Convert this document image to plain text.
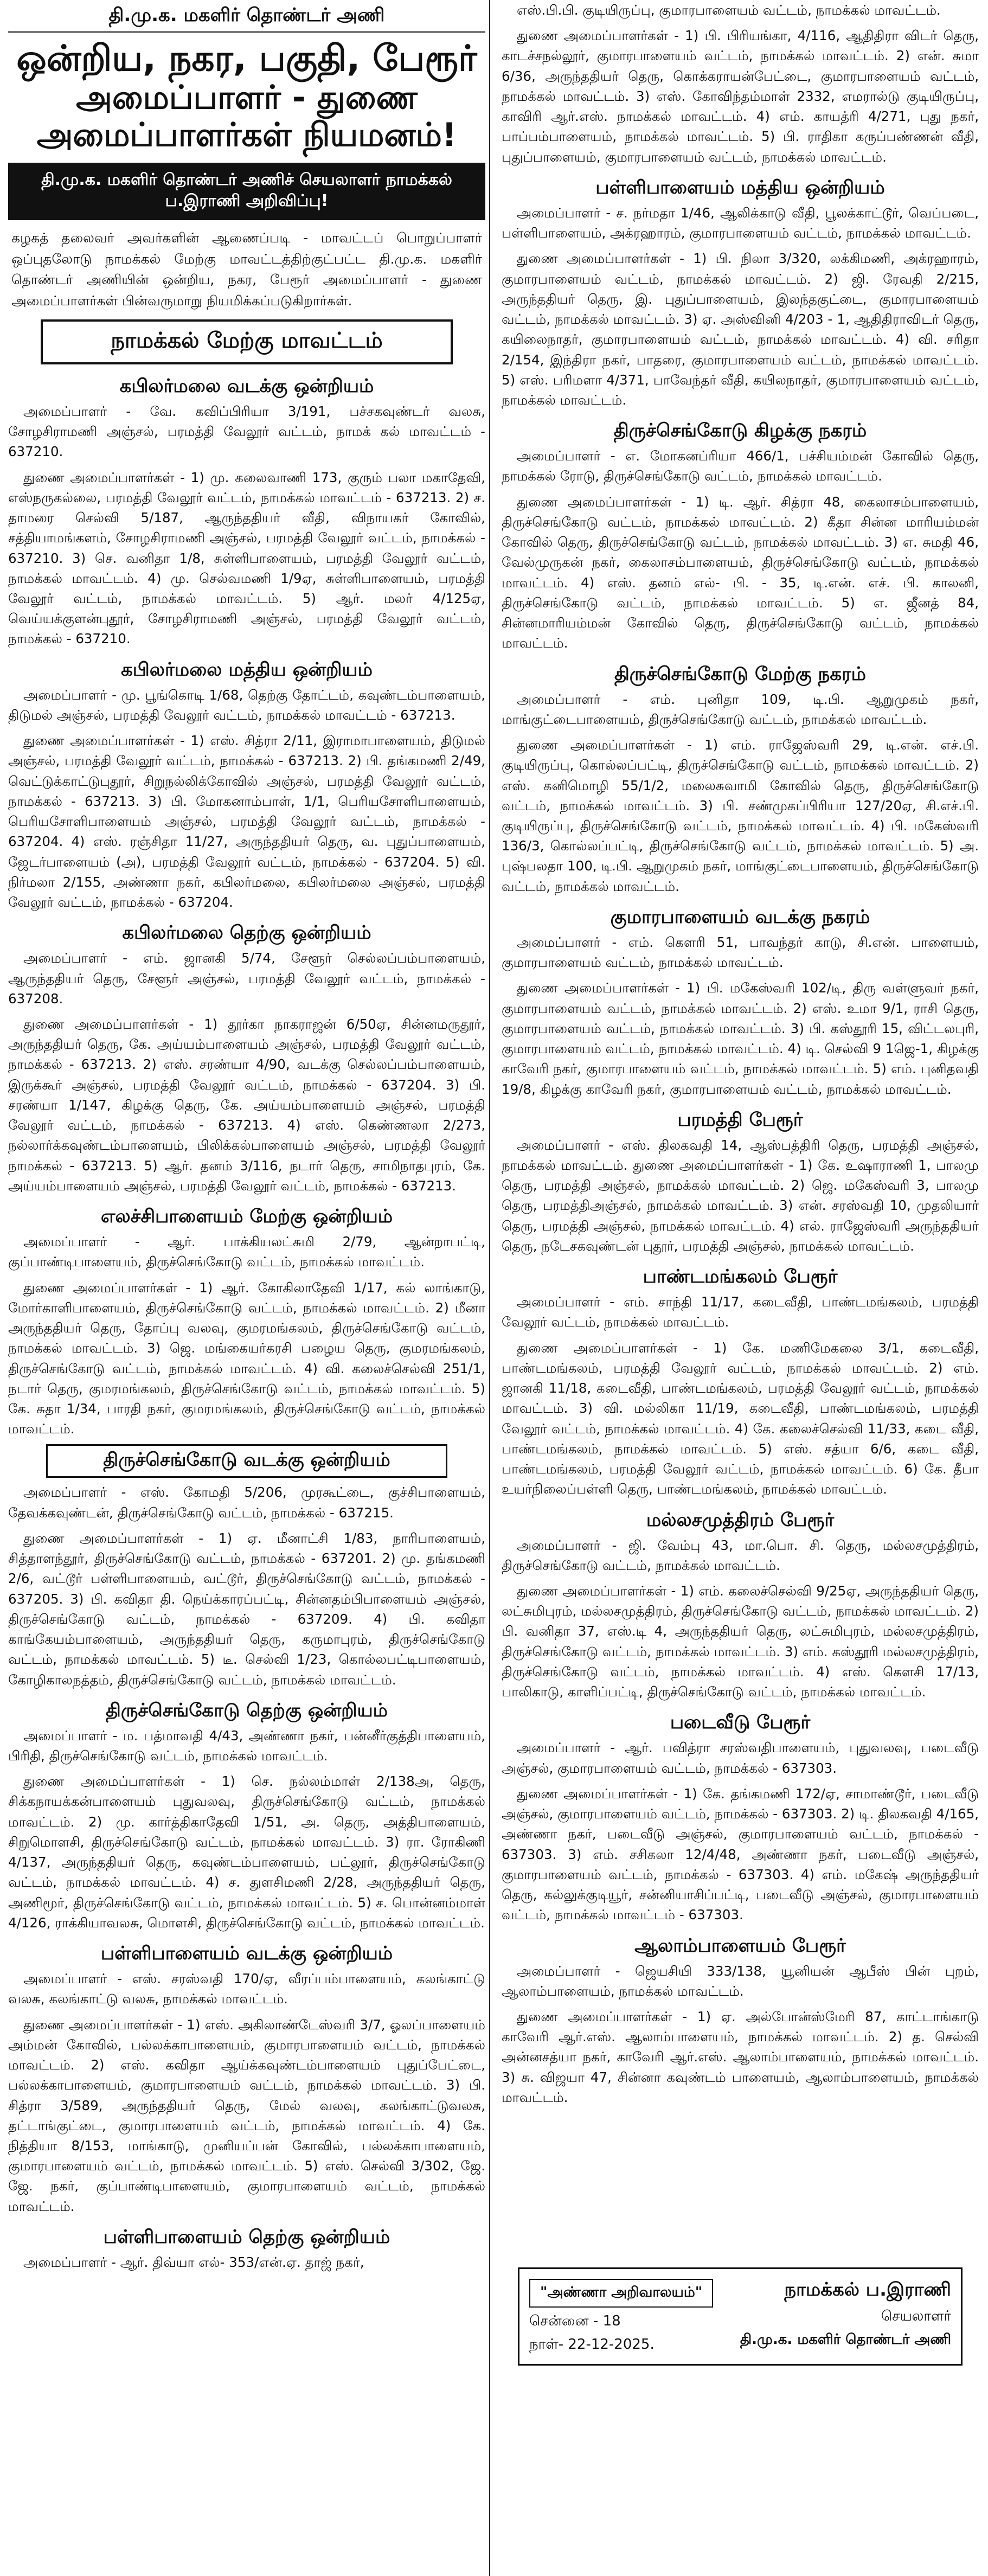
தி.மு.க. மகளிர் தொண்டர் அணி
ஒன்றிய, நகர, பகுதி, பேரூர்
அமைப்பாளர் - துணை அமைப்பாளர்கள் நியமனம்!
தி.மு.க. மகளிர் தொண்டர் அணிச் செயலாளர் நாமக்கல் ப.இராணி அறிவிப்பு!
கழகத் தலைவர் அவர்களின் ஆணைப்படி - மாவட்டப் பொறுப்பாளர் ஒப்புதலோடு நாமக்கல் மேற்கு மாவட்டத்திற்குட்பட்ட தி.மு.க. மகளிர் தொண்டர் அணியின் ஒன்றிய, நகர, பேரூர் அமைப்பாளர் - துணை அமைப்பாளர்கள் பின்வருமாறு நியமிக்கப்படுகிறார்கள்.
நாமக்கல் மேற்கு மாவட்டம்
கபிலர்மலை வடக்கு ஒன்றியம்

அமைப்பாளர் - வே. கவிப்பிரியா 3/191, பச்சகவுண்டர் வலசு, சோழசிராமணி அஞ்சல், பரமத்தி வேலூர் வட்டம், நாமக் கல் மாவட்டம் - 637210.

துணை அமைப்பாளர்கள் - 1) மு. கலைவாணி 173, குரும் பலா மகாதேவி, எஸ்நருகல்லை, பரமத்தி வேலூர் வட்டம், நாமக்கல் மாவட்டம் - 637213. 2) ச. தாமரை செல்வி 5/187, ஆருந்ததியர் வீதி, விநாயகர் கோவில், சத்தியாமங்களம், சோழசிராமணி அஞ்சல், பரமத்தி வேலூர் வட்டம், நாமக்கல் - 637210. 3) செ. வனிதா 1/8, சுள்ளிபாளையம், பரமத்தி வேலூர் வட்டம், நாமக்கல் மாவட்டம். 4) மு. செல்வமணி 1/9ஏ, சுள்ளிபாளையம், பரமத்தி வேலூர் வட்டம், நாமக்கல் மாவட்டம். 5) ஆர். மலர் 4/125ஏ, வெய்யக்குளன்புதூர், சோழசிராமணி அஞ்சல், பரமத்தி வேலூர் வட்டம், நாமக்கல் - 637210.

கபிலர்மலை மத்திய ஒன்றியம்

அமைப்பாளர் - மு. பூங்கொடி 1/68, தெற்கு தோட்டம், கவுண்டம்பாளையம், திடுமல் அஞ்சல், பரமத்தி வேலூர் வட்டம், நாமக்கல் மாவட்டம் - 637213.

துணை அமைப்பாளர்கள் - 1) எஸ். சித்ரா 2/11, இராமாபாளையம், திடுமல் அஞ்சல், பரமத்தி வேலூர் வட்டம், நாமக்கல் - 637213. 2) பி. தங்கமணி 2/49, வெட்டுக்காட்டுபுதூர், சிறுநல்லிக்கோவில் அஞ்சல், பரமத்தி வேலூர் வட்டம், நாமக்கல் - 637213. 3) பி. மோகனாம்பாள், 1/1, பெரியசோளிபாளையம், பெரியசோளிபாளையம் அஞ்சல், பரமத்தி வேலூர் வட்டம், நாமக்கல் - 637204. 4) எஸ். ரஞ்சிதா 11/27, அருந்ததியர் தெரு, வ. புதுப்பாளையம், ஜேடர்பாளையம் (அ), பரமத்தி வேலூர் வட்டம், நாமக்கல் - 637204. 5) வி. நிர்மலா 2/155, அண்ணா நகர், கபிலர்மலை, கபிலர்மலை அஞ்சல், பரமத்தி வேலூர் வட்டம், நாமக்கல் - 637204.

கபிலர்மலை தெற்கு ஒன்றியம்

அமைப்பாளர் - எம். ஜானகி 5/74, சேளூர் செல்லப்பம்பாளையம், ஆருந்ததியர் தெரு, சேளூர் அஞ்சல், பரமத்தி வேலூர் வட்டம், நாமக்கல் - 637208.

துணை அமைப்பாளர்கள் - 1) தூர்கா நாகராஜன் 6/50ஏ, சின்னமருதூர், அருந்ததியர் தெரு, கே. அய்யம்பாளையம் அஞ்சல், பரமத்தி வேலூர் வட்டம், நாமக்கல் - 637213. 2) எஸ். சரண்யா 4/90, வடக்கு செல்லப்பம்பாளையம், இருக்கூர் அஞ்சல், பரமத்தி வேலூர் வட்டம், நாமக்கல் - 637204. 3) பி. சரண்யா 1/147, கிழக்கு தெரு, கே. அய்யம்பாளையம் அஞ்சல், பரமத்தி வேலூர் வட்டம், நாமக்கல் - 637213. 4) எஸ். கெண்ணலா 2/273, நல்லார்க்கவுண்டம்பாளையம், பிலிக்கல்பாளையம் அஞ்சல், பரமத்தி வேலூர் நாமக்கல் - 637213. 5) ஆர். தனம் 3/116, நடார் தெரு, சாமிநாதபுரம், கே. அய்யம்பாளையம் அஞ்சல், பரமத்தி வேலூர் வட்டம், நாமக்கல் - 637213.

எலச்சிபாளையம் மேற்கு ஒன்றியம்

அமைப்பாளர் - ஆர். பாக்கியலட்சுமி 2/79, ஆன்றாபட்டி, குப்பாண்டிபாளையம், திருச்செங்கோடு வட்டம், நாமக்கல் மாவட்டம்.

துணை அமைப்பாளர்கள் - 1) ஆர். கோகிலாதேவி 1/17, கல் லாங்காடு, மோர்காளிபாளையம், திருச்செங்கோடு வட்டம், நாமக்கல் மாவட்டம். 2) மீனா அருந்ததியர் தெரு, தோப்பு வலவு, குமரமங்கலம், திருச்செங்கோடு வட்டம், நாமக்கல் மாவட்டம். 3) ஜெ. மங்கையர்கரசி பழைய தெரு, குமரமங்கலம், திருச்செங்கோடு வட்டம், நாமக்கல் மாவட்டம். 4) வி. கலைச்செல்வி 251/1, நடார் தெரு, குமரமங்கலம், திருச்செங்கோடு வட்டம், நாமக்கல் மாவட்டம். 5) கே. சுதா 1/34, பாரதி நகர், குமரமங்கலம், திருச்செங்கோடு வட்டம், நாமக்கல் மாவட்டம்.

திருச்செங்கோடு வடக்கு ஒன்றியம்

அமைப்பாளர் - எஸ். கோமதி 5/206, முரகூட்டை, குச்சிபாளையம், தேவக்கவுண்டன், திருச்செங்கோடு வட்டம், நாமக்கல் - 637215.

துணை அமைப்பாளர்கள் - 1) ஏ. மீனாட்சி 1/83, நாரிபாளையம், சித்தாளந்தூர், திருச்செங்கோடு வட்டம், நாமக்கல் - 637201. 2) மு. தங்கமணி 2/6, வட்டூர் பள்ளிபாளையம், வட்டூர், திருச்செங்கோடு வட்டம், நாமக்கல் - 637205. 3) பி. கவிதா தி. நெய்க்காரப்பட்டி, சின்னதம்பிபாளையம் அஞ்சல், திருச்செங்கோடு வட்டம், நாமக்கல் - 637209. 4) பி. கவிதா காங்கேயம்பாளையம், அருந்ததியர் தெரு, கருமாபுரம், திருச்செங்கோடு வட்டம், நாமக்கல் மாவட்டம். 5) டீ. செல்வி 1/23, கொல்லபட்டிபாளையம், கோழிகாலநத்தம், திருச்செங்கோடு வட்டம், நாமக்கல் மாவட்டம்.

திருச்செங்கோடு தெற்கு ஒன்றியம்

அமைப்பாளர் - ம. பத்மாவதி 4/43, அண்ணா நகர், பன்னீர்குத்திபாளையம், பிரிதி, திருச்செங்கோடு வட்டம், நாமக்கல் மாவட்டம்.

துணை அமைப்பாளர்கள் - 1) செ. நல்லம்மாள் 2/138அ, தெரு, சிக்கநாயக்கன்பாளையம் புதுவலவு, திருச்செங்கோடு வட்டம், நாமக்கல் மாவட்டம். 2) மு. கார்த்திகாதேவி 1/51, அ. தெரு, அத்திபாளையம், சிறுமொளசி, திருச்செங்கோடு வட்டம், நாமக்கல் மாவட்டம். 3) ரா. ரோகிணி 4/137, அருந்ததியர் தெரு, கவுண்டம்பாளையம், பட்லூர், திருச்செங்கோடு வட்டம், நாமக்கல் மாவட்டம். 4) ச. துளசிமணி 2/28, அருந்ததியர் தெரு, அணிமூர், திருச்செங்கோடு வட்டம், நாமக்கல் மாவட்டம். 5) ச. பொன்னம்மாள் 4/126, ராக்கியாவலசு, மொளசி, திருச்செங்கோடு வட்டம், நாமக்கல் மாவட்டம்.

பள்ளிபாளையம் வடக்கு ஒன்றியம்

அமைப்பாளர் - எஸ். சரஸ்வதி 170/ஏ, வீரப்பம்பாளையம், கலங்காட்டு வலசு, கலங்காட்டு வலசு, நாமக்கல் மாவட்டம்.

துணை அமைப்பாளர்கள் - 1) எஸ். அகிலாண்டேஸ்வரி 3/7, ஓலப்பாளையம் அம்மன் கோவில், பல்லக்காபாளையம், குமாரபாளையம் வட்டம், நாமக்கல் மாவட்டம். 2) எஸ். கவிதா ஆய்க்கவுண்டம்பாளையம் புதுப்பேட்டை, பல்லக்காபாளையம், குமாரபாளையம் வட்டம், நாமக்கல் மாவட்டம். 3) பி. சித்ரா 3/589, அருந்ததியர் தெரு, மேல் வலவு, கலங்காட்டுவலசு, தட்டாங்குட்டை, குமாரபாளையம் வட்டம், நாமக்கல் மாவட்டம். 4) கே. நித்தியா 8/153, மாங்காடு, முனியப்பன் கோவில், பல்லக்காபாளையம், குமாரபாளையம் வட்டம், நாமக்கல் மாவட்டம். 5) எஸ். செல்வி 3/302, ஜே. ஜே. நகர், குப்பாண்டிபாளையம், குமாரபாளையம் வட்டம், நாமக்கல் மாவட்டம்.

பள்ளிபாளையம் தெற்கு ஒன்றியம்

அமைப்பாளர் - ஆர். திவ்யா எல்- 353/என்.ஏ. தாஜ் நகர்,

எஸ்.பி.பி. குடியிருப்பு, குமாரபாளையம் வட்டம், நாமக்கல் மாவட்டம்.

துணை அமைப்பாளர்கள் - 1) பி. பிரியங்கா, 4/116, ஆதிதிரா விடர் தெரு, காடச்சநல்லூர், குமாரபாளையம் வட்டம், நாமக்கல் மாவட்டம். 2) என். சுமா 6/36, அருந்ததியர் தெரு, கொக்கராயன்பேட்டை, குமாரபாளையம் வட்டம், நாமக்கல் மாவட்டம். 3) எஸ். கோவிந்தம்மாள் 2332, எமரால்டு குடியிருப்பு, காவிரி ஆர்.எஸ். நாமக்கல் மாவட்டம். 4) எம். காயத்ரி 4/271, புது நகர், பாப்பம்பாளையம், நாமக்கல் மாவட்டம். 5) பி. ராதிகா கருப்பண்ணன் வீதி, புதுப்பாளையம், குமாரபாளையம் வட்டம், நாமக்கல் மாவட்டம்.

பள்ளிபாளையம் மத்திய ஒன்றியம்

அமைப்பாளர் - ச. நர்மதா 1/46, ஆலிக்காடு வீதி, பூலக்காட்டூர், வெப்படை, பள்ளிபாளையம், அக்ரஹாரம், குமாரபாளையம் வட்டம், நாமக்கல் மாவட்டம்.

துணை அமைப்பாளர்கள் - 1) பி. நிலா 3/320, லக்கிமணி, அக்ரஹாரம், குமாரபாளையம் வட்டம், நாமக்கல் மாவட்டம். 2) ஜி. ரேவதி 2/215, அருந்ததியர் தெரு, இ. புதுப்பாளையம், இலந்தகுட்டை, குமாரபாளையம் வட்டம், நாமக்கல் மாவட்டம். 3) ஏ. அஸ்வினி 4/203 - 1, ஆதிதிராவிடர் தெரு, கயிலைநாதர், குமாரபாளையம் வட்டம், நாமக்கல் மாவட்டம். 4) வி. சரிதா 2/154, இந்திரா நகர், பாதரை, குமாரபாளையம் வட்டம், நாமக்கல் மாவட்டம். 5) எஸ். பரிமளா 4/371, பாவேந்தர் வீதி, கயிலநாதர், குமாரபாளையம் வட்டம், நாமக்கல் மாவட்டம்.

திருச்செங்கோடு கிழக்கு நகரம்

அமைப்பாளர் - எ. மோகனப்ரியா 466/1, பச்சியம்மன் கோவில் தெரு, நாமக்கல் ரோடு, திருச்செங்கோடு வட்டம், நாமக்கல் மாவட்டம்.

துணை அமைப்பாளர்கள் - 1) டி. ஆர். சித்ரா 48, கைலாசம்பாளையம், திருச்செங்கோடு வட்டம், நாமக்கல் மாவட்டம். 2) கீதா சின்ன மாரியம்மன் கோவில் தெரு, திருச்செங்கோடு வட்டம், நாமக்கல் மாவட்டம். 3) எ. சுமதி 46, வேல்முருகன் நகர், கைலாசம்பாளையம், திருச்செங்கோடு வட்டம், நாமக்கல் மாவட்டம். 4) எஸ். தனம் எல்- பி. - 35, டி.என். எச். பி. காலனி, திருச்செங்கோடு வட்டம், நாமக்கல் மாவட்டம். 5) எ. ஜீனத் 84, சின்னமாரியம்மன் கோவில் தெரு, திருச்செங்கோடு வட்டம், நாமக்கல் மாவட்டம்.

திருச்செங்கோடு மேற்கு நகரம்

அமைப்பாளர் - எம். புனிதா 109, டி.பி. ஆறுமுகம் நகர், மாங்குட்டைபாளையம், திருச்செங்கோடு வட்டம், நாமக்கல் மாவட்டம்.

துணை அமைப்பாளர்கள் - 1) எம். ராஜேஸ்வரி 29, டி.என். எச்.பி. குடியிருப்பு, கொல்லப்பட்டி, திருச்செங்கோடு வட்டம், நாமக்கல் மாவட்டம். 2) எஸ். கனிமொழி 55/1/2, மலைசுவாமி கோவில் தெரு, திருச்செங்கோடு வட்டம், நாமக்கல் மாவட்டம். 3) பி. சண்முகப்பிரியா 127/20ஏ, சி.எச்.பி. குடியிருப்பு, திருச்செங்கோடு வட்டம், நாமக்கல் மாவட்டம். 4) பி. மகேஸ்வரி 136/3, கொல்லப்பட்டி, திருச்செங்கோடு வட்டம், நாமக்கல் மாவட்டம். 5) அ. புஷ்பலதா 100, டி.பி. ஆறுமுகம் நகர், மாங்குட்டைபாளையம், திருச்செங்கோடு வட்டம், நாமக்கல் மாவட்டம்.

குமாரபாளையம் வடக்கு நகரம்

அமைப்பாளர் - எம். கௌரி 51, பாவந்தர் காடு, சி.என். பாளையம், குமாரபாளையம் வட்டம், நாமக்கல் மாவட்டம்.

துணை அமைப்பாளர்கள் - 1) பி. மகேஸ்வரி 102/டி, திரு வள்ளுவர் நகர், குமாரபாளையம் வட்டம், நாமக்கல் மாவட்டம். 2) எஸ். உமா 9/1, ராசி தெரு, குமாரபாளையம் வட்டம், நாமக்கல் மாவட்டம். 3) பி. கஸ்தூரி 15, விட்டலபுரி, குமாரபாளையம் வட்டம், நாமக்கல் மாவட்டம். 4) டி. செல்வி 9 1ஜெ-1, கிழக்கு காவேரி நகர், குமாரபாளையம் வட்டம், நாமக்கல் மாவட்டம். 5) எம். புனிதவதி 19/8, கிழக்கு காவேரி நகர், குமாரபாளையம் வட்டம், நாமக்கல் மாவட்டம்.

பரமத்தி பேரூர்

அமைப்பாளர் - எஸ். திலகவதி 14, ஆஸ்பத்திரி தெரு, பரமத்தி அஞ்சல், நாமக்கல் மாவட்டம். துணை அமைப்பாளர்கள் - 1) கே. உஷாராணி 1, பாலமு தெரு, பரமத்தி அஞ்சல், நாமக்கல் மாவட்டம். 2) ஜெ. மகேஸ்வரி 3, பாலமு தெரு, பரமத்திஅஞ்சல், நாமக்கல் மாவட்டம். 3) என். சரஸ்வதி 10, முதலியார் தெரு, பரமத்தி அஞ்சல், நாமக்கல் மாவட்டம். 4) எல். ராஜேஸ்வரி அருந்ததியர் தெரு, நடேசகவுண்டன் புதூர், பரமத்தி அஞ்சல், நாமக்கல் மாவட்டம்.

பாண்டமங்கலம் பேரூர்

அமைப்பாளர் - எம். சாந்தி 11/17, கடைவீதி, பாண்டமங்கலம், பரமத்தி வேலூர் வட்டம், நாமக்கல் மாவட்டம்.

துணை அமைப்பாளர்கள் - 1) கே. மணிமேகலை 3/1, கடைவீதி, பாண்டமங்கலம், பரமத்தி வேலூர் வட்டம், நாமக்கல் மாவட்டம். 2) எம். ஜானகி 11/18, கடைவீதி, பாண்டமங்கலம், பரமத்தி வேலூர் வட்டம், நாமக்கல் மாவட்டம். 3) வி. மல்லிகா 11/19, கடைவீதி, பாண்டமங்கலம், பரமத்தி வேலூர் வட்டம், நாமக்கல் மாவட்டம். 4) கே. கலைச்செல்வி 11/33, கடை வீதி, பாண்டமங்கலம், நாமக்கல் மாவட்டம். 5) எஸ். சத்யா 6/6, கடை வீதி, பாண்டமங்கலம், பரமத்தி வேலூர் வட்டம், நாமக்கல் மாவட்டம். 6) கே. தீபா உயர்நிலைப்பள்ளி தெரு, பாண்டமங்கலம், நாமக்கல் மாவட்டம்.

மல்லசமுத்திரம் பேரூர்

அமைப்பாளர் - ஜி. வேம்பு 43, மா.பொ. சி. தெரு, மல்லசமுத்திரம், திருச்செங்கோடு வட்டம், நாமக்கல் மாவட்டம்.

துணை அமைப்பாளர்கள் - 1) எம். கலைச்செல்வி 9/25ஏ, அருந்ததியர் தெரு, லட்சுமிபுரம், மல்லசமுத்திரம், திருச்செங்கோடு வட்டம், நாமக்கல் மாவட்டம். 2) பி. வனிதா 37, எஸ்.டி 4, அருந்ததியர் தெரு, லட்சுமிபுரம், மல்லசமுத்திரம், திருச்செங்கோடு வட்டம், நாமக்கல் மாவட்டம். 3) எம். கஸ்தூரி மல்லசமுத்திரம், திருச்செங்கோடு வட்டம், நாமக்கல் மாவட்டம். 4) எஸ். கௌசி 17/13, பாலிகாடு, காளிப்பட்டி, திருச்செங்கோடு வட்டம், நாமக்கல் மாவட்டம்.

படைவீடு பேரூர்

அமைப்பாளர் - ஆர். பவித்ரா சரஸ்வதிபாளையம், புதுவலவு, படைவீடு அஞ்சல், குமாரபாளையம் வட்டம், நாமக்கல் - 637303.

துணை அமைப்பாளர்கள் - 1) கே. தங்கமணி 172/ஏ, சாமாண்டூர், படைவீடு அஞ்சல், குமாரபாளையம் வட்டம், நாமக்கல் - 637303. 2) டி. திலகவதி 4/165, அண்ணா நகர், படைவீடு அஞ்சல், குமாரபாளையம் வட்டம், நாமக்கல் - 637303. 3) எம். சசிகலா 12/4/48, அண்ணா நகர், படைவீடு அஞ்சல், குமாரபாளையம் வட்டம், நாமக்கல் - 637303. 4) எம். மகேஷ் அருந்ததியர் தெரு, கல்லுக்குடியூர், சன்னியாசிப்பட்டி, படைவீடு அஞ்சல், குமாரபாளையம் வட்டம், நாமக்கல் மாவட்டம் - 637303.

ஆலாம்பாளையம் பேரூர்

அமைப்பாளர் - ஜெயசியி 333/138, யூனியன் ஆபீஸ் பின் புறம், ஆலாம்பாளையம், நாமக்கல் மாவட்டம்.

துணை அமைப்பாளர்கள் - 1) ஏ. அல்போன்ஸ்மேரி 87, காட்டாங்காடு காவேரி ஆர்.எஸ். ஆலாம்பாளையம், நாமக்கல் மாவட்டம். 2) த. செல்வி அன்னசத்யா நகர், காவேரி ஆர்.எஸ். ஆலாம்பாளையம், நாமக்கல் மாவட்டம். 3) சு. விஜயா 47, சின்னா கவுண்டம் பாளையம், ஆலாம்பாளையம், நாமக்கல் மாவட்டம்.

"அண்ணா அறிவாலயம்"
சென்னை - 18
நாள்- 22-12-2025.
நாமக்கல் ப.இராணி
செயலாளர்
தி.மு.க. மகளிர் தொண்டர் அணி
